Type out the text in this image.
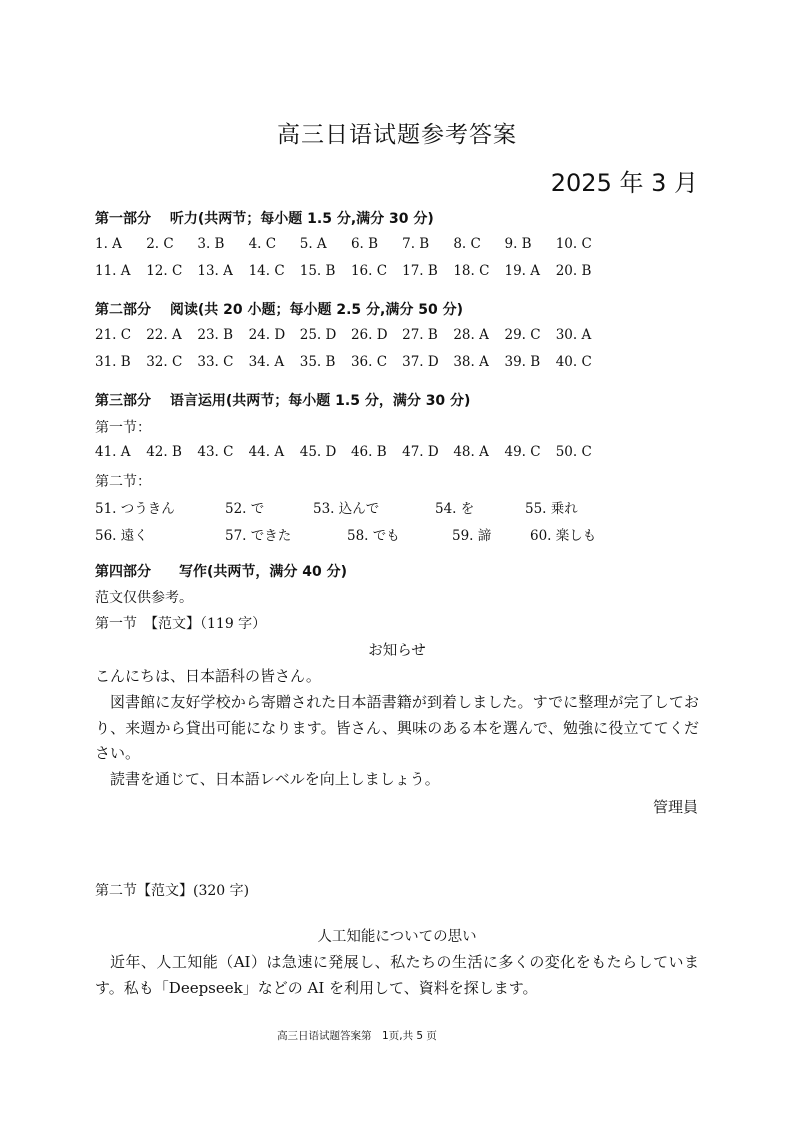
高三日语试题参考答案
2025 年 3 月
第一部分　 听力(共两节；每小题 1.5 分,满分 30 分)
1. A 2. C 3. B 4. C 5. A 6. B 7. B 8. C 9. B 10. C
11. A 12. C 13. A 14. C 15. B 16. C 17. B 18. C 19. A 20. B
第二部分　 阅读(共 20 小题；每小题 2.5 分,满分 50 分)
21. C 22. A 23. B 24. D 25. D 26. D 27. B 28. A 29. C 30. A
31. B 32. C 33. C 34. A 35. B 36. C 37. D 38. A 39. B 40. C
第三部分　 语言运用(共两节；每小题 1.5 分，满分 30 分)
第一节：
41. A 42. B 43. C 44. A 45. D 46. B 47. D 48. A 49. C 50. C
第二节：
51. つうきん	52. で	53. 込んで	54. を	55. 乗れ
56. 遠く	57. できた	58. でも	59. 諦	60. 楽しも
第四部分　　写作(共两节，满分 40 分)
范文仅供参考。
第一节　【范文】（119 字）
お知らせ
こんにちは、日本語科の皆さん。
図書館に友好学校から寄贈された日本語書籍が到着しました。すでに整理が完了しており、来週から貸出可能になります。皆さん、興味のある本を選んで、勉強に役立ててください。
読書を通じて、日本語レベルを向上しましょう。
管理員
第二节【范文】(320 字)
人工知能についての思い
近年、人工知能（AI）は急速に発展し、私たちの生活に多くの変化をもたらしています。私も「Deepseek」などの AI を利用して、資料を探します。
高三日语试题答案第　1页,共 5 页
